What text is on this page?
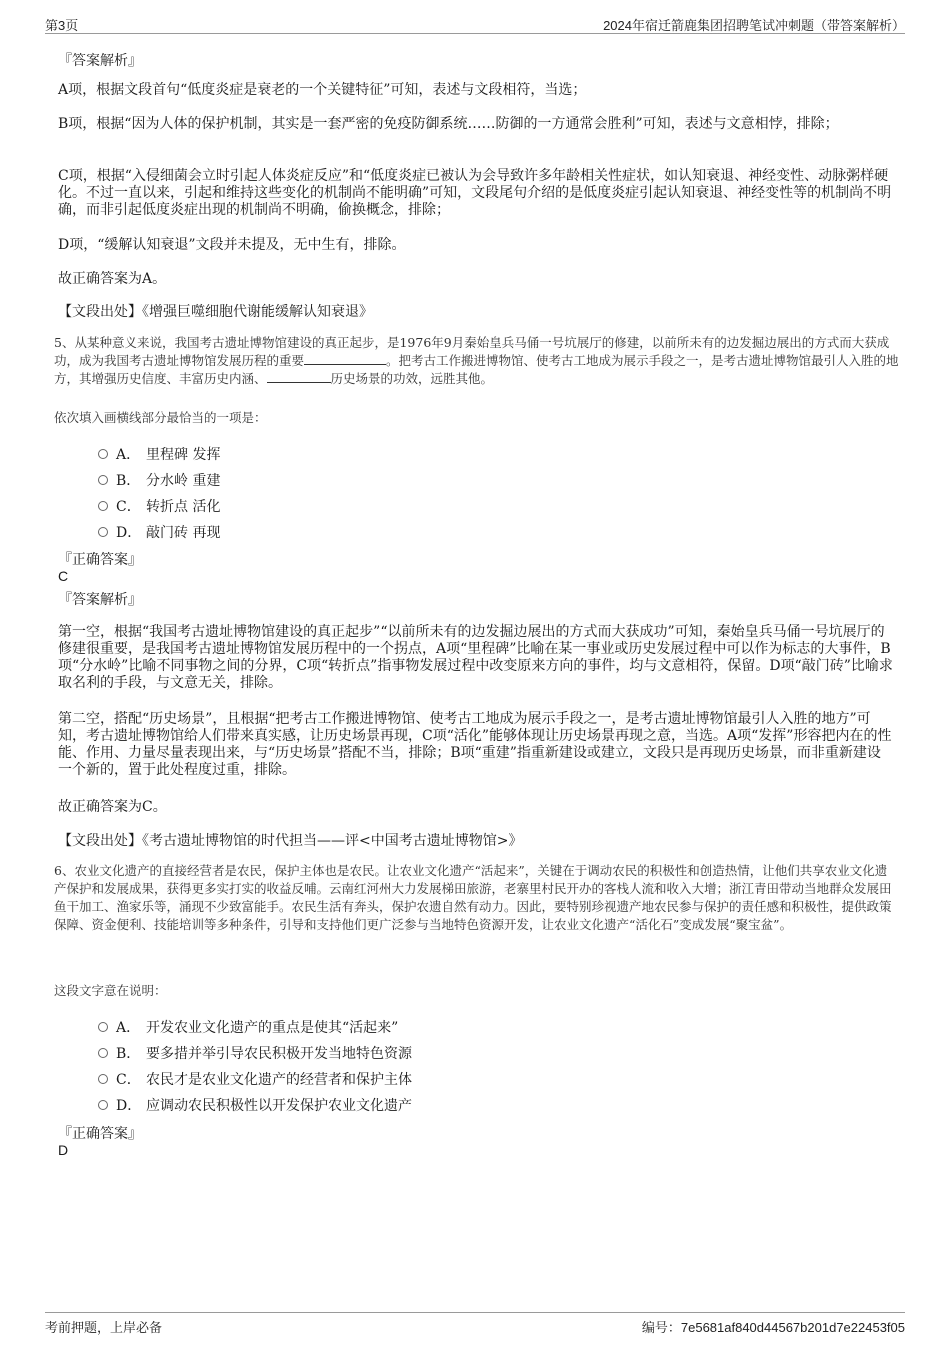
第3页	2024年宿迁箭鹿集团招聘笔试冲刺题（带答案解析）
『答案解析』
A项，根据文段首句“低度炎症是衰老的一个关键特征”可知，表述与文段相符，当选；
B项，根据“因为人体的保护机制，其实是一套严密的免疫防御系统……防御的一方通常会胜利”可知，表述与文意相悖，排除；
C项，根据“入侵细菌会立时引起人体炎症反应”和“低度炎症已被认为会导致许多年龄相关性症状，如认知衰退、神经变性、动脉粥样硬化。不过一直以来，引起和维持这些变化的机制尚不能明确”可知，文段尾句介绍的是低度炎症引起认知衰退、神经变性等的机制尚不明确，而非引起低度炎症出现的机制尚不明确，偷换概念，排除；
D项，“缓解认知衰退”文段并未提及，无中生有，排除。
故正确答案为A。
【文段出处】《增强巨噬细胞代谢能缓解认知衰退》
5、从某种意义来说，我国考古遗址博物馆建设的真正起步，是1976年9月秦始皇兵马俑一号坑展厅的修建，以前所未有的边发掘边展出的方式而大获成功，成为我国考古遗址博物馆发展历程的重要	。把考古工作搬进博物馆、使考古工地成为展示手段之一，是考古遗址博物馆最引人入胜的地方，其增强历史信度、丰富历史内涵、	历史场景的功效，远胜其他。
依次填入画横线部分最恰当的一项是：
A． 里程碑 发挥
B． 分水岭 重建
C． 转折点 活化
D． 敲门砖 再现
『正确答案』
C
『答案解析』
第一空，根据“我国考古遗址博物馆建设的真正起步”“以前所未有的边发掘边展出的方式而大获成功”可知，秦始皇兵马俑一号坑展厅的修建很重要，是我国考古遗址博物馆发展历程中的一个拐点，A项“里程碑”比喻在某一事业或历史发展过程中可以作为标志的大事件，B项“分水岭”比喻不同事物之间的分界，C项“转折点”指事物发展过程中改变原来方向的事件，均与文意相符，保留。D项“敲门砖”比喻求取名利的手段，与文意无关，排除。
第二空，搭配“历史场景”，且根据“把考古工作搬进博物馆、使考古工地成为展示手段之一，是考古遗址博物馆最引人入胜的地方”可知，考古遗址博物馆给人们带来真实感，让历史场景再现，C项“活化”能够体现让历史场景再现之意，当选。A项“发挥”形容把内在的性能、作用、力量尽量表现出来，与“历史场景”搭配不当，排除；B项“重建”指重新建设或建立，文段只是再现历史场景，而非重新建设一个新的，置于此处程度过重，排除。
故正确答案为C。
【文段出处】《考古遗址博物馆的时代担当——评<中国考古遗址博物馆>》
6、农业文化遗产的直接经营者是农民，保护主体也是农民。让农业文化遗产“活起来”，关键在于调动农民的积极性和创造热情，让他们共享农业文化遗产保护和发展成果，获得更多实打实的收益反哺。云南红河州大力发展梯田旅游，老寨里村民开办的客栈人流和收入大增；浙江青田带动当地群众发展田鱼干加工、渔家乐等，涌现不少致富能手。农民生活有奔头，保护农遗自然有动力。因此，要特别珍视遗产地农民参与保护的责任感和积极性，提供政策保障、资金便利、技能培训等多种条件，引导和支持他们更广泛参与当地特色资源开发，让农业文化遗产“活化石”变成发展“聚宝盆”。
这段文字意在说明：
A． 开发农业文化遗产的重点是使其“活起来”
B． 要多措并举引导农民积极开发当地特色资源
C． 农民才是农业文化遗产的经营者和保护主体
D． 应调动农民积极性以开发保护农业文化遗产
『正确答案』
D
考前押题，上岸必备	编号：7e5681af840d44567b201d7e22453f05
